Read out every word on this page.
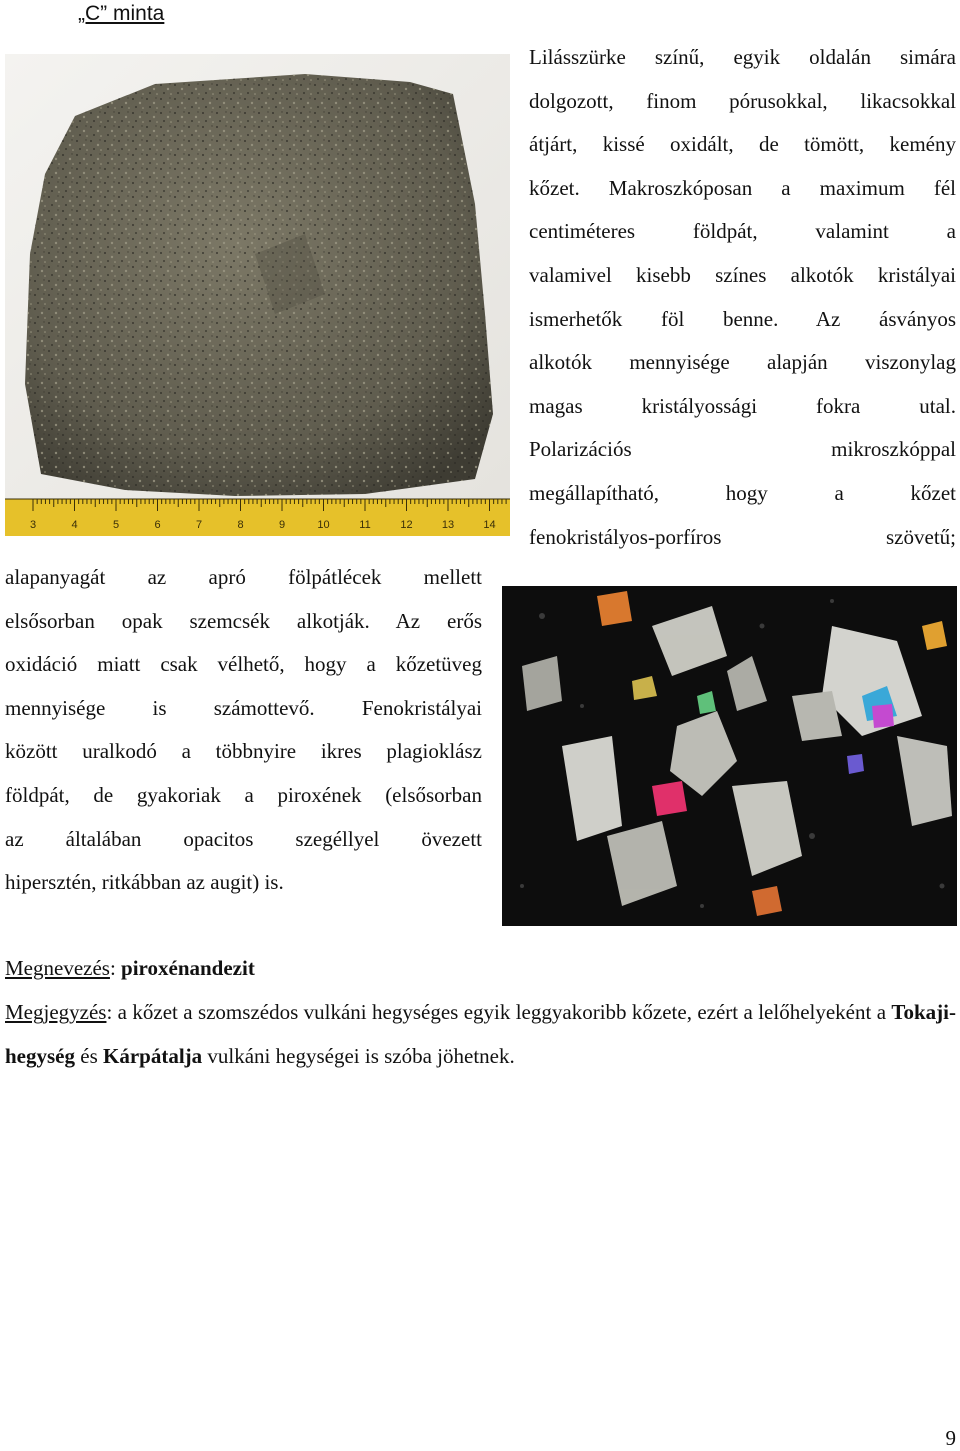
„C” minta
3	4	5	6	7	8	9	10	11	12	13	14

Lilásszürke színű, egyik oldalán simára
dolgozott, finom pórusokkal, likacsokkal
átjárt, kissé oxidált, de tömött, kemény
kőzet. Makroszkóposan a maximum fél
centiméteres földpát, valamint a
valamivel kisebb színes alkotók kristályai
ismerhetők föl benne. Az ásványos
alkotók mennyisége alapján viszonylag
magas kristályossági fokra utal.
Polarizációs mikroszkóppal
megállapítható, hogy a kőzet
fenokristályos-porfíros szövetű;

alapanyagát az apró fölpátlécek mellett
elsősorban opak szemcsék alkotják. Az erős
oxidáció miatt csak vélhető, hogy a kőzetüveg
mennyisége is számottevő. Fenokristályai
között uralkodó a többnyire ikres plagioklász
földpát, de gyakoriak a piroxének (elsősorban
az általában opacitos szegéllyel övezett
hipersztén, ritkábban az augit) is.

Megnevezés: piroxénandezit

Megjegyzés: a kőzet a szomszédos vulkáni hegységes egyik leggyakoribb kőzete, ezért a lelőhelyeként a Tokaji-hegység és Kárpátalja vulkáni hegységei is szóba jöhetnek.

9
